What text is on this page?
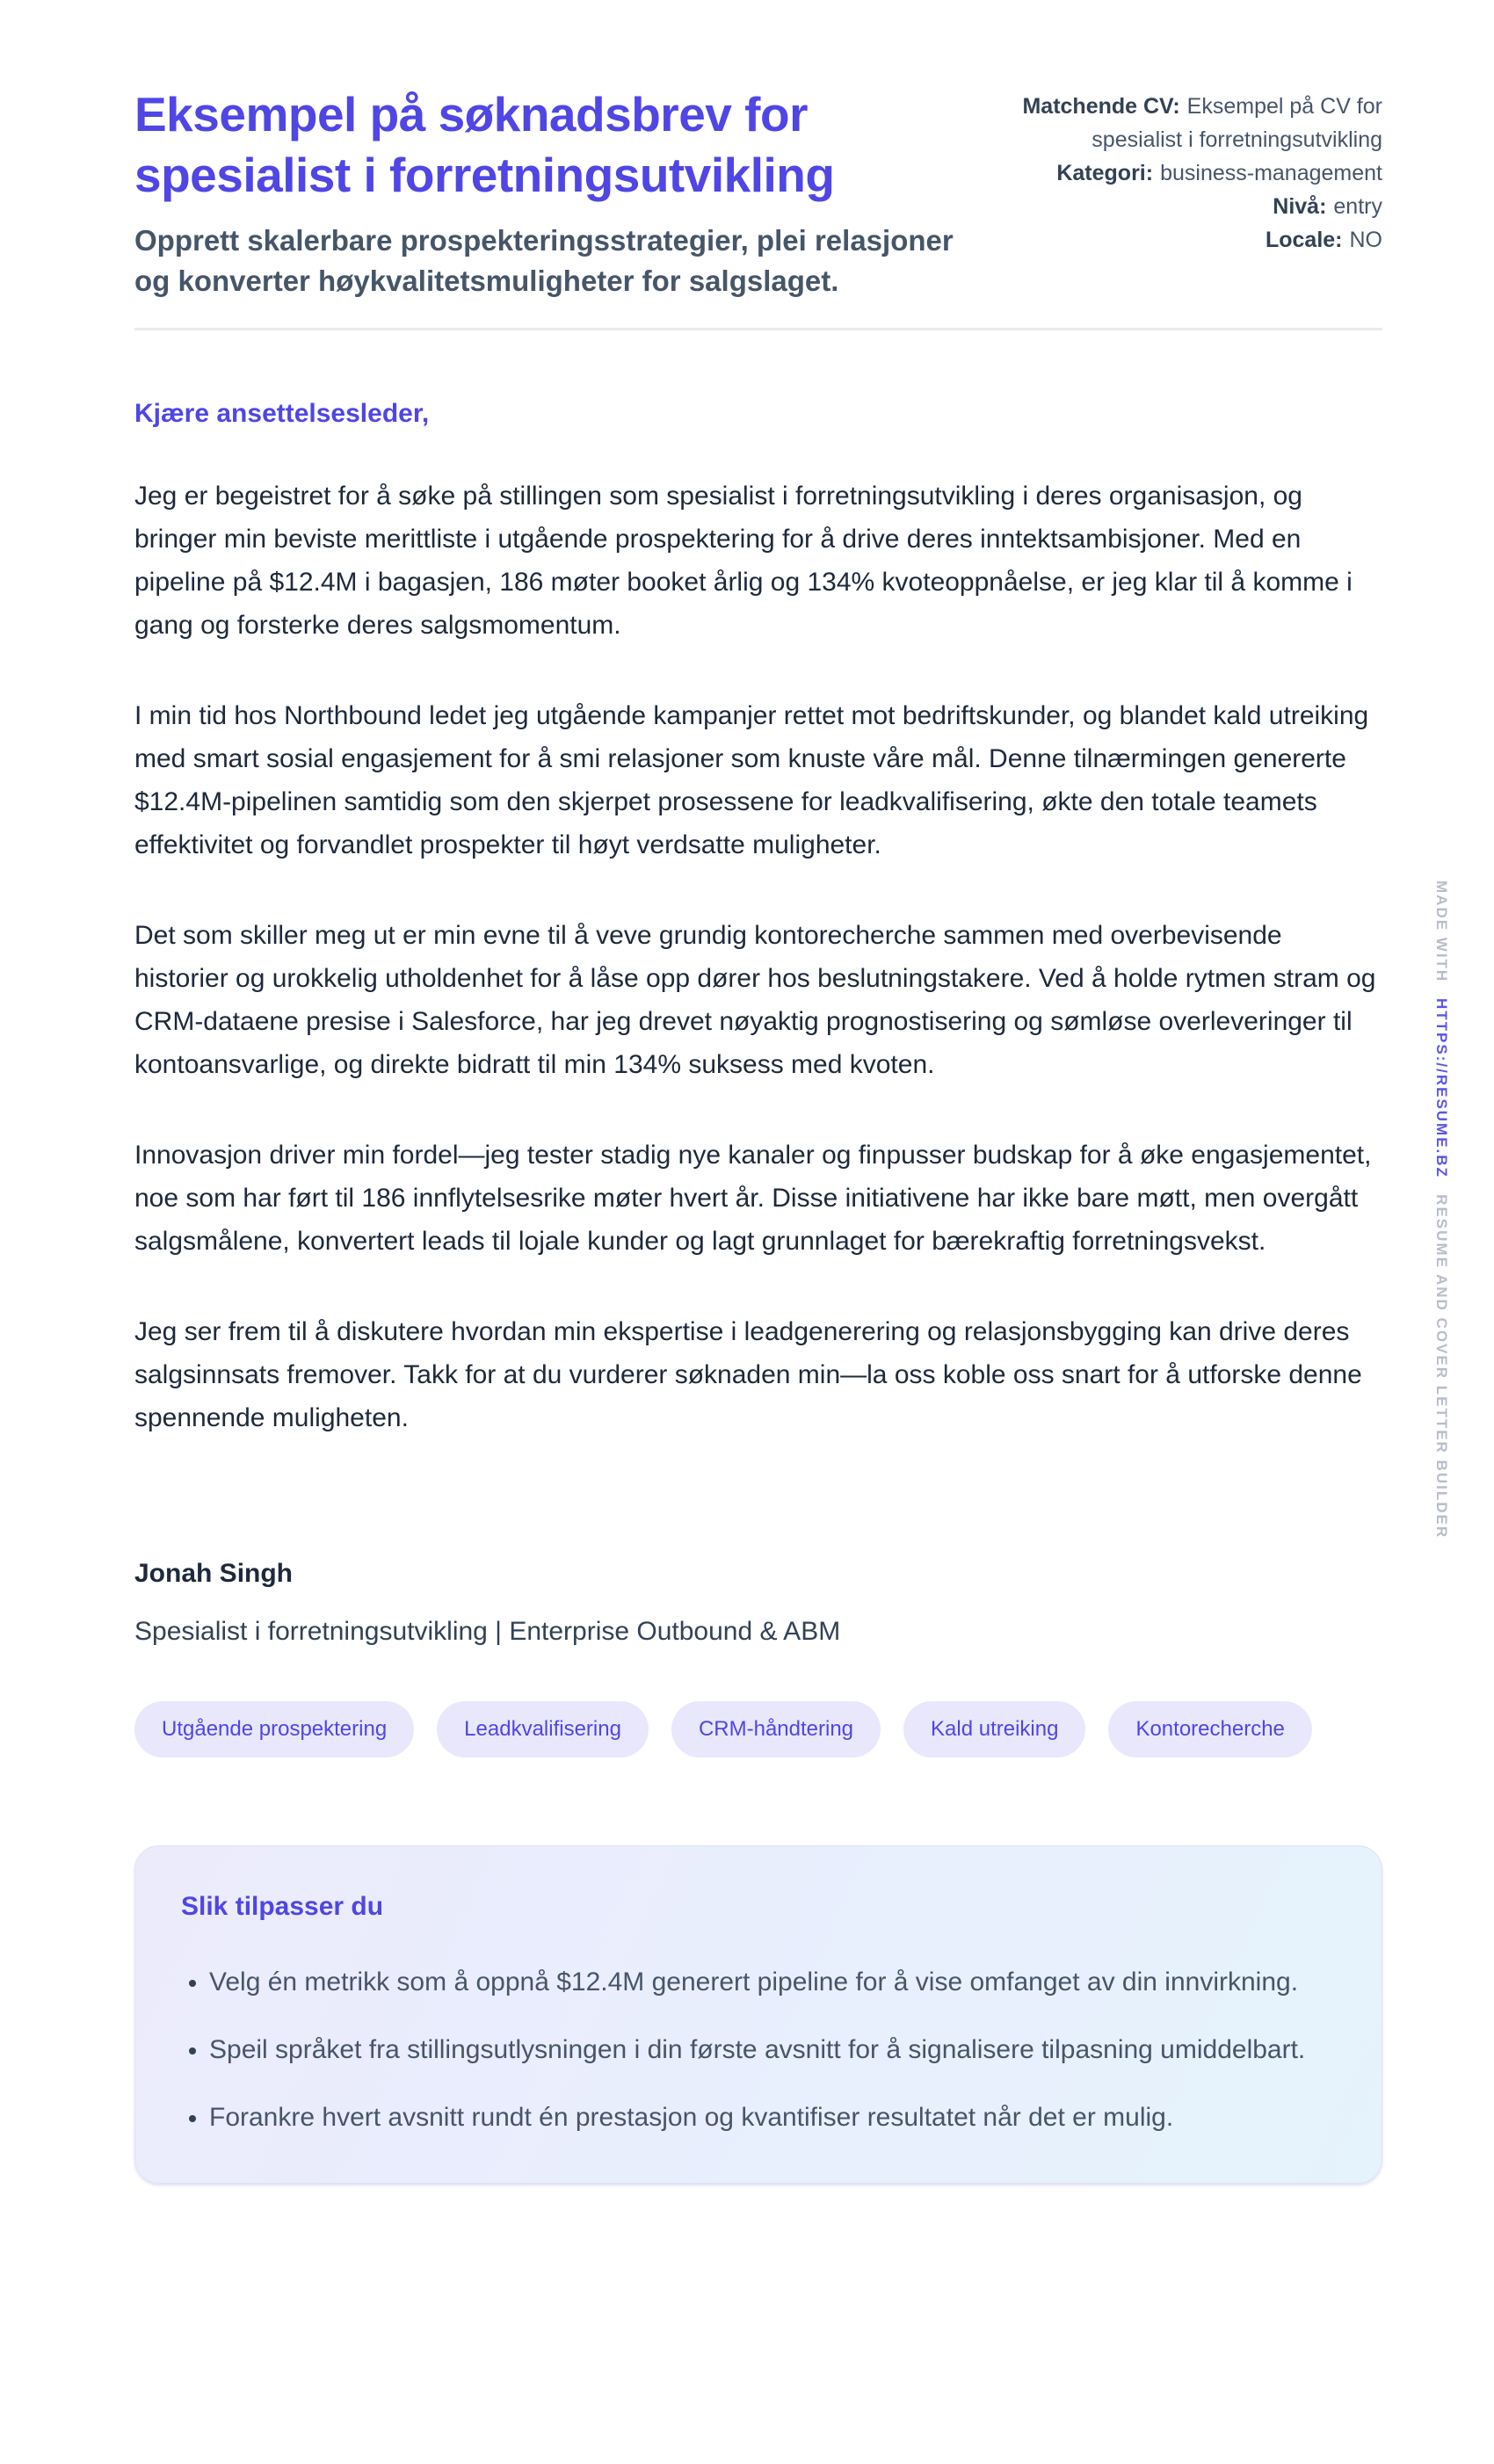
Eksempel på søknadsbrev for spesialist i forretningsutvikling

Opprett skalerbare prospekteringsstrategier, plei relasjoner og konverter høykvalitetsmuligheter for salgslaget.

Matchende CV: Eksempel på CV for spesialist i forretningsutvikling
Kategori: business-management
Nivå: entry
Locale: NO

Kjære ansettelsesleder,

Jeg er begeistret for å søke på stillingen som spesialist i forretningsutvikling i deres organisasjon, og bringer min beviste merittliste i utgående prospektering for å drive deres inntektsambisjoner. Med en pipeline på $12.4M i bagasjen, 186 møter booket årlig og 134% kvoteoppnåelse, er jeg klar til å komme i gang og forsterke deres salgsmomentum.

I min tid hos Northbound ledet jeg utgående kampanjer rettet mot bedriftskunder, og blandet kald utreiking med smart sosial engasjement for å smi relasjoner som knuste våre mål. Denne tilnærmingen genererte $12.4M-pipelinen samtidig som den skjerpet prosessene for leadkvalifisering, økte den totale teamets effektivitet og forvandlet prospekter til høyt verdsatte muligheter.

Det som skiller meg ut er min evne til å veve grundig kontorecherche sammen med overbevisende historier og urokkelig utholdenhet for å låse opp dører hos beslutningstakere. Ved å holde rytmen stram og CRM-dataene presise i Salesforce, har jeg drevet nøyaktig prognostisering og sømløse overleveringer til kontoansvarlige, og direkte bidratt til min 134% suksess med kvoten.

Innovasjon driver min fordel—jeg tester stadig nye kanaler og finpusser budskap for å øke engasjementet, noe som har ført til 186 innflytelsesrike møter hvert år. Disse initiativene har ikke bare møtt, men overgått salgsmålene, konvertert leads til lojale kunder og lagt grunnlaget for bærekraftig forretningsvekst.

Jeg ser frem til å diskutere hvordan min ekspertise i leadgenerering og relasjonsbygging kan drive deres salgsinnsats fremover. Takk for at du vurderer søknaden min—la oss koble oss snart for å utforske denne spennende muligheten.

Jonah Singh

Spesialist i forretningsutvikling | Enterprise Outbound & ABM

Utgående prospektering	Leadkvalifisering	CRM-håndtering	Kald utreiking	Kontorecherche
Slik tilpasser du
• Velg én metrikk som å oppnå $12.4M generert pipeline for å vise omfanget av din innvirkning.
• Speil språket fra stillingsutlysningen i din første avsnitt for å signalisere tilpasning umiddelbart.
• Forankre hvert avsnitt rundt én prestasjon og kvantifiser resultatet når det er mulig.
MADE WITHHTTPS://RESUME.BZRESUME AND COVER LETTER BUILDER
